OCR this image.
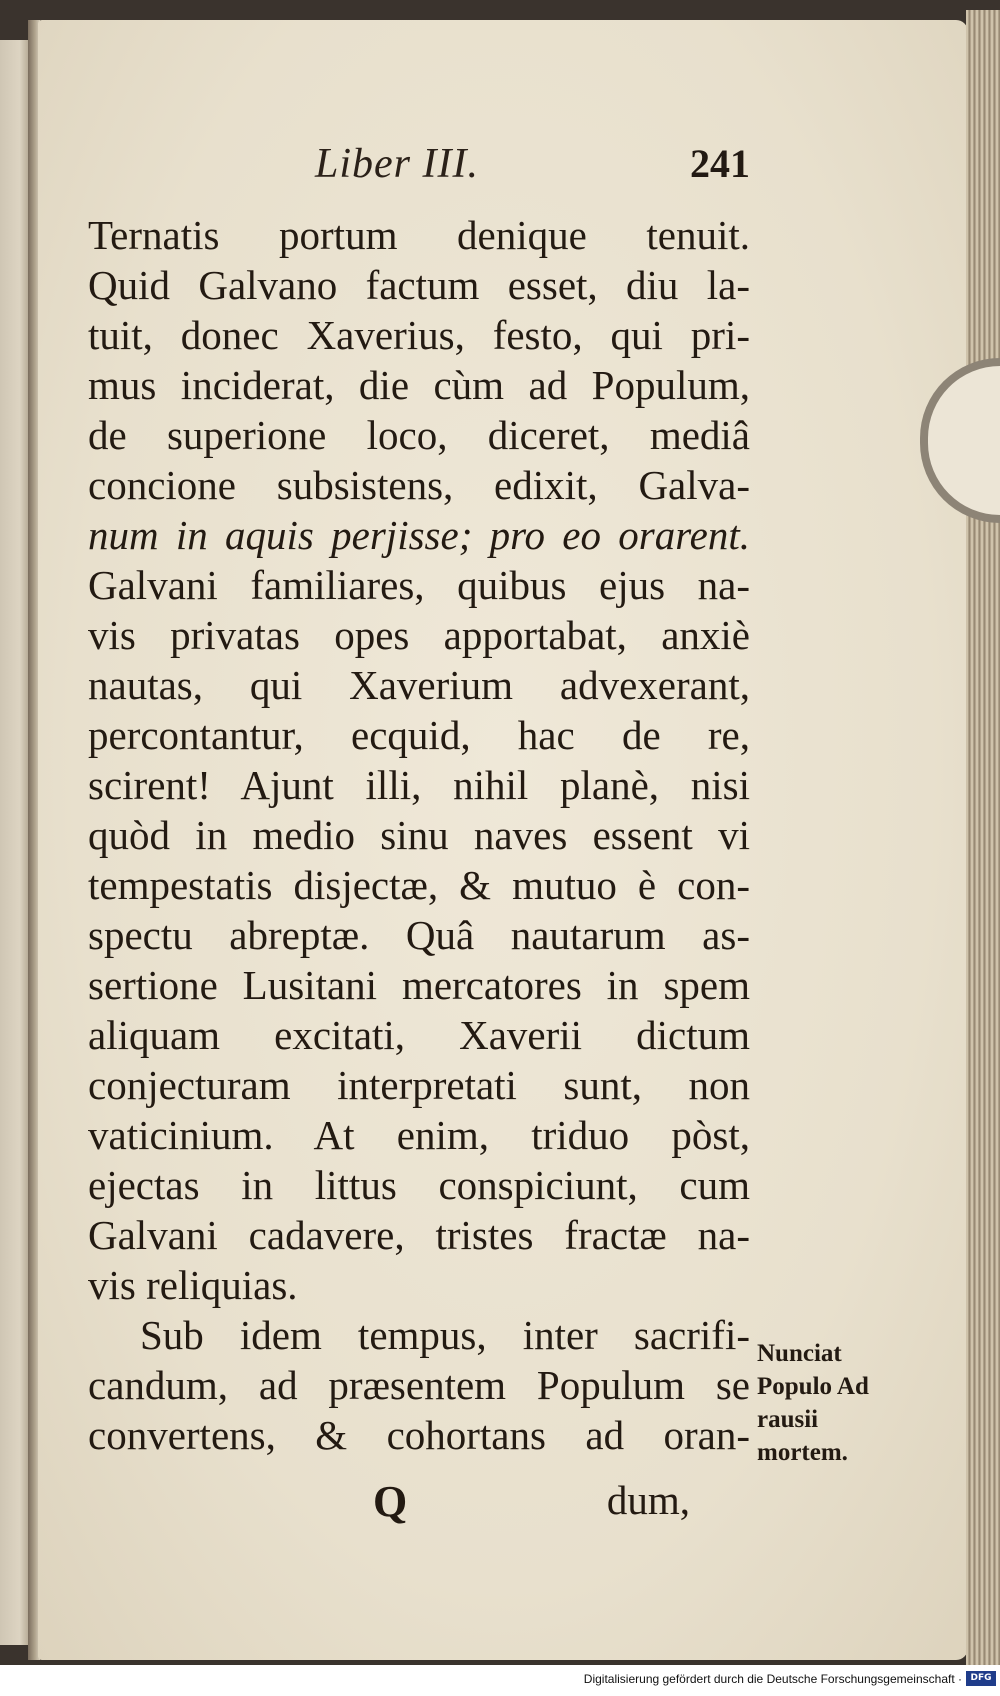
Liber III.	241
Ternatis portum denique tenuit.
Quid Galvano factum esset, diu la-
tuit, donec Xaverius, festo, qui pri-
mus inciderat, die cùm ad Populum,
de superione loco, diceret, mediâ
concione subsistens, edixit, Galva-
num in aquis perjisse; pro eo orarent.
Galvani familiares, quibus ejus na-
vis privatas opes apportabat, anxiè
nautas, qui Xaverium advexerant,
percontantur, ecquid, hac de re,
scirent! Ajunt illi, nihil planè, nisi
quòd in medio sinu naves essent vi
tempestatis disjectæ, & mutuo è con-
spectu abreptæ. Quâ nautarum as-
sertione Lusitani mercatores in spem
aliquam excitati, Xaverii dictum
conjecturam interpretati sunt, non
vaticinium. At enim, triduo pòst,
ejectas in littus conspiciunt, cum
Galvani cadavere, tristes fractæ na-
vis reliquias.
Sub idem tempus, inter sacrifi-
candum, ad præsentem Populum se
convertens, & cohortans ad oran-
Nunciat
Populo Ad
rausii
mortem.
Q	dum,
Digitalisierung gefördert durch die Deutsche Forschungsgemeinschaft · DFG
